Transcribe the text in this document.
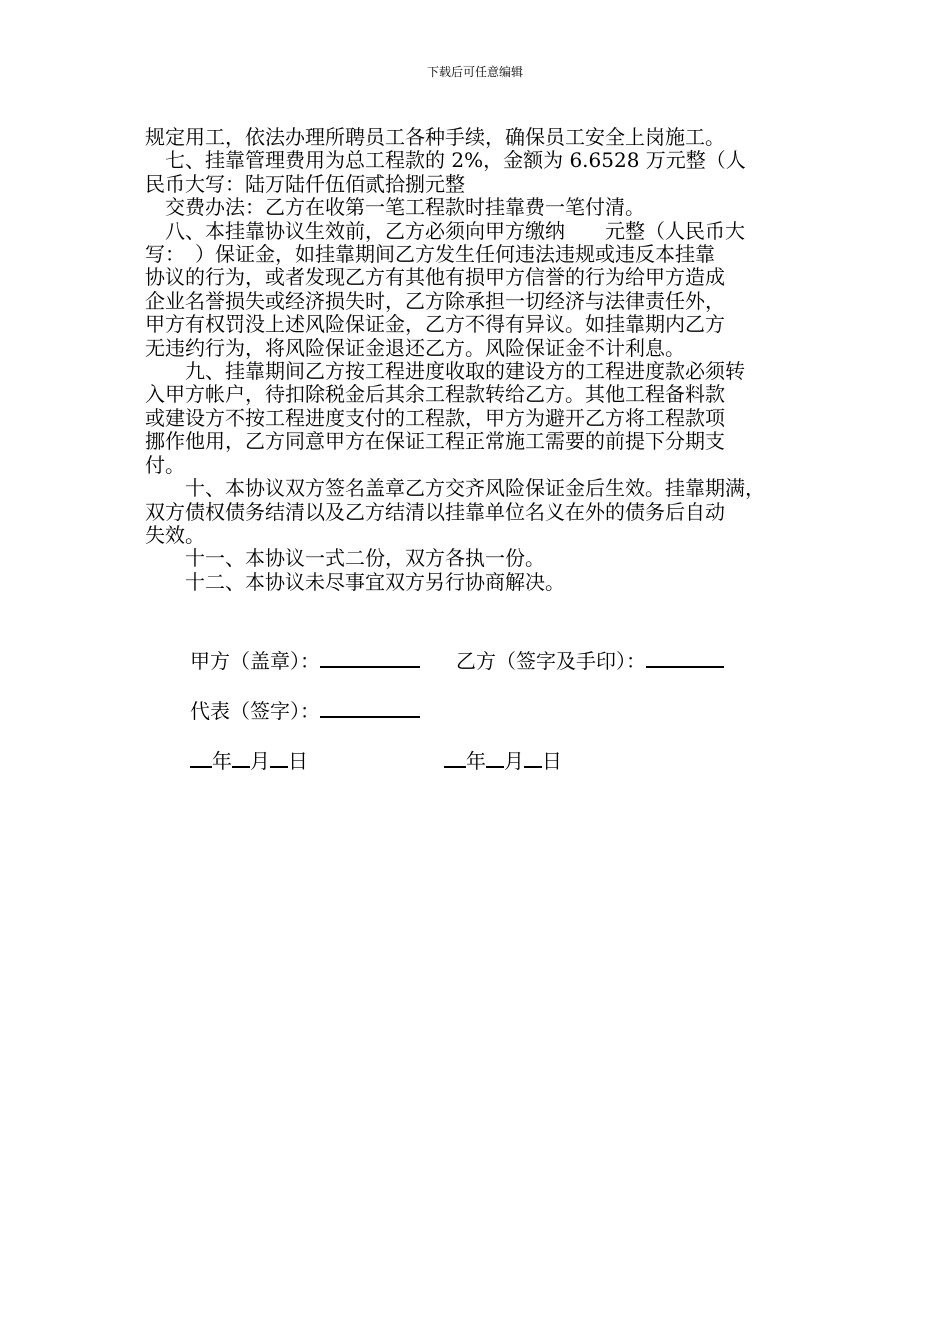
下载后可任意编辑

规定用工，依法办理所聘员工各种手续，确保员工安全上岗施工。

　七、挂靠管理费用为总工程款的 2%，金额为 6.6528 万元整（人

民币大写：陆万陆仟伍佰贰拾捌元整

　交费办法：乙方在收第一笔工程款时挂靠费一笔付清。

　八、本挂靠协议生效前，乙方必须向甲方缴纳　　元整（人民币大

写：　）保证金，如挂靠期间乙方发生任何违法违规或违反本挂靠

协议的行为，或者发现乙方有其他有损甲方信誉的行为给甲方造成

企业名誉损失或经济损失时，乙方除承担一切经济与法律责任外，

甲方有权罚没上述风险保证金，乙方不得有异议。如挂靠期内乙方

无违约行为，将风险保证金退还乙方。风险保证金不计利息。

　　九、挂靠期间乙方按工程进度收取的建设方的工程进度款必须转

入甲方帐户，待扣除税金后其余工程款转给乙方。其他工程备料款

或建设方不按工程进度支付的工程款，甲方为避开乙方将工程款项

挪作他用，乙方同意甲方在保证工程正常施工需要的前提下分期支

付。

　　十、本协议双方签名盖章乙方交齐风险保证金后生效。挂靠期满，

双方债权债务结清以及乙方结清以挂靠单位名义在外的债务后自动

失效。

　　十一、本协议一式二份，双方各执一份。

　　十二、本协议未尽事宜双方另行协商解决。

甲方（盖章）：	乙方（签字及手印）：
代表（签字）：
年 月 日	年 月 日
